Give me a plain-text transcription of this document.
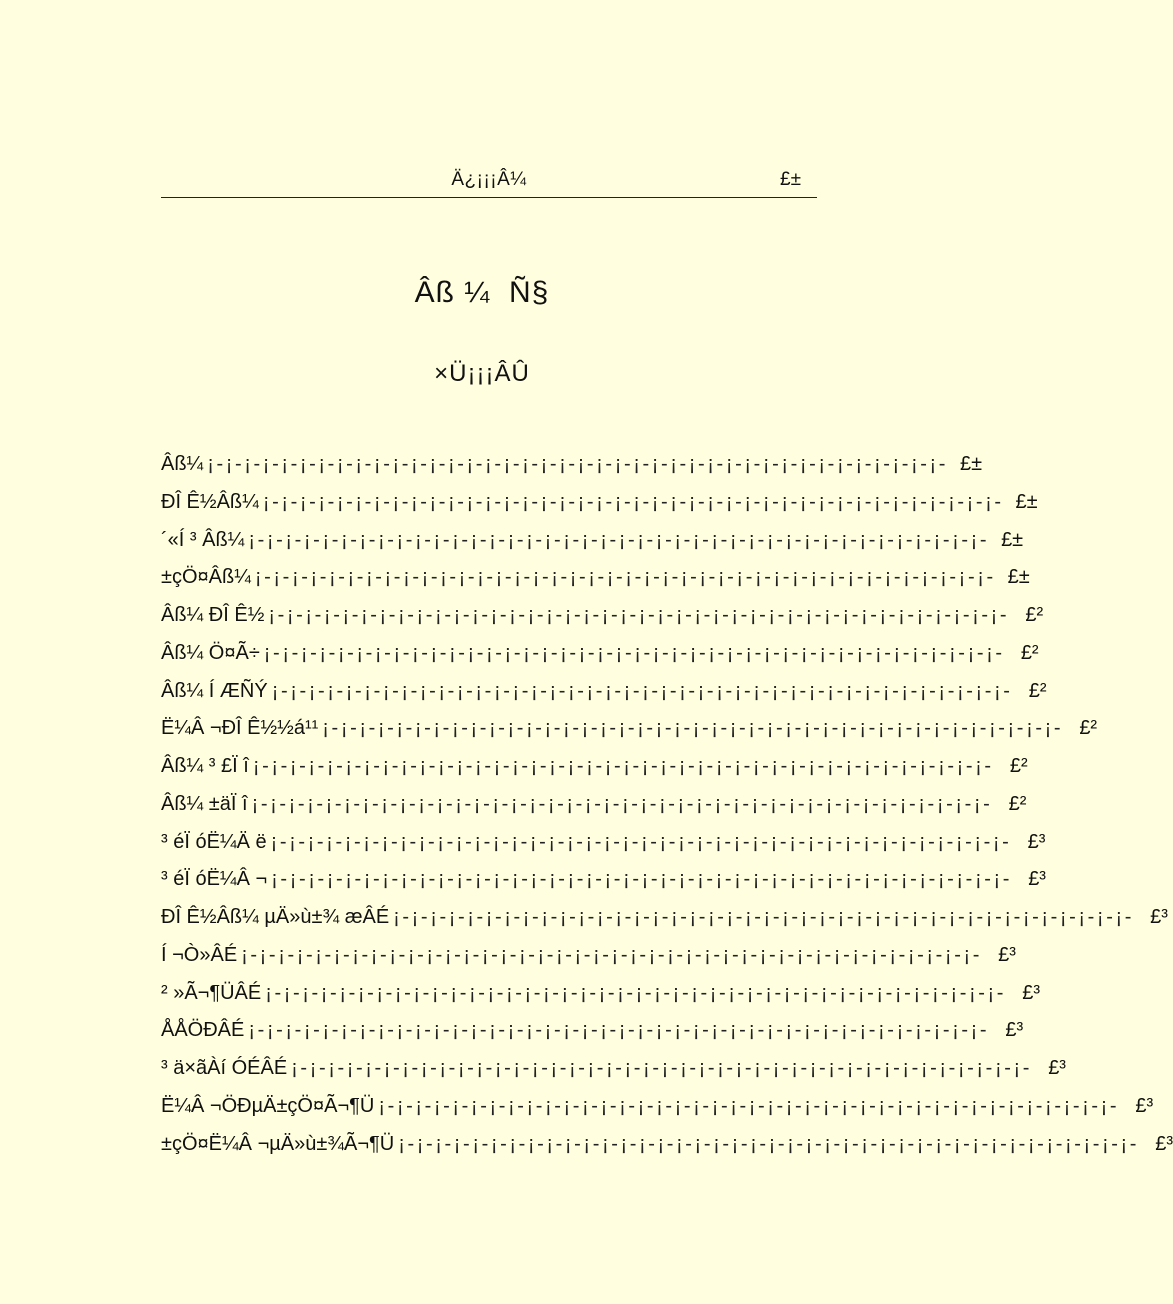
Ä¿¡¡¡Â¼	£±
Âß ¼  Ñ§
×Ü¡¡¡ÂÛ
Âß¼ ¡-¡-¡-¡-¡-¡-¡-¡-¡-¡-¡-¡-¡-¡-¡-¡-¡-¡-¡-¡-¡-¡-¡-¡-¡-¡-¡-¡-¡-¡-¡-¡-¡-¡-¡-¡-¡-¡-¡-¡- £±
ÐÎ Ê½Âß¼ ¡-¡-¡-¡-¡-¡-¡-¡-¡-¡-¡-¡-¡-¡-¡-¡-¡-¡-¡-¡-¡-¡-¡-¡-¡-¡-¡-¡-¡-¡-¡-¡-¡-¡-¡-¡-¡-¡-¡-¡- £±
´«Í ³ Âß¼ ¡-¡-¡-¡-¡-¡-¡-¡-¡-¡-¡-¡-¡-¡-¡-¡-¡-¡-¡-¡-¡-¡-¡-¡-¡-¡-¡-¡-¡-¡-¡-¡-¡-¡-¡-¡-¡-¡-¡-¡- £±
±çÖ¤Âß¼ ¡-¡-¡-¡-¡-¡-¡-¡-¡-¡-¡-¡-¡-¡-¡-¡-¡-¡-¡-¡-¡-¡-¡-¡-¡-¡-¡-¡-¡-¡-¡-¡-¡-¡-¡-¡-¡-¡-¡-¡- £±
Âß¼ ÐÎ Ê½ ¡-¡-¡-¡-¡-¡-¡-¡-¡-¡-¡-¡-¡-¡-¡-¡-¡-¡-¡-¡-¡-¡-¡-¡-¡-¡-¡-¡-¡-¡-¡-¡-¡-¡-¡-¡-¡-¡-¡-¡- £²
Âß¼ Ö¤Ã÷ ¡-¡-¡-¡-¡-¡-¡-¡-¡-¡-¡-¡-¡-¡-¡-¡-¡-¡-¡-¡-¡-¡-¡-¡-¡-¡-¡-¡-¡-¡-¡-¡-¡-¡-¡-¡-¡-¡-¡-¡- £²
Âß¼ Í ÆÑÝ ¡-¡-¡-¡-¡-¡-¡-¡-¡-¡-¡-¡-¡-¡-¡-¡-¡-¡-¡-¡-¡-¡-¡-¡-¡-¡-¡-¡-¡-¡-¡-¡-¡-¡-¡-¡-¡-¡-¡-¡- £²
Ë¼Â ¬ÐÎ Ê½½á¹¹ ¡-¡-¡-¡-¡-¡-¡-¡-¡-¡-¡-¡-¡-¡-¡-¡-¡-¡-¡-¡-¡-¡-¡-¡-¡-¡-¡-¡-¡-¡-¡-¡-¡-¡-¡-¡-¡-¡-¡-¡- £²
Âß¼ ³ £Ï î ¡-¡-¡-¡-¡-¡-¡-¡-¡-¡-¡-¡-¡-¡-¡-¡-¡-¡-¡-¡-¡-¡-¡-¡-¡-¡-¡-¡-¡-¡-¡-¡-¡-¡-¡-¡-¡-¡-¡-¡- £²
Âß¼ ±äÏ î ¡-¡-¡-¡-¡-¡-¡-¡-¡-¡-¡-¡-¡-¡-¡-¡-¡-¡-¡-¡-¡-¡-¡-¡-¡-¡-¡-¡-¡-¡-¡-¡-¡-¡-¡-¡-¡-¡-¡-¡- £²
³ éÏ óË¼Ä ë ¡-¡-¡-¡-¡-¡-¡-¡-¡-¡-¡-¡-¡-¡-¡-¡-¡-¡-¡-¡-¡-¡-¡-¡-¡-¡-¡-¡-¡-¡-¡-¡-¡-¡-¡-¡-¡-¡-¡-¡- £³
³ éÏ óË¼Â ¬ ¡-¡-¡-¡-¡-¡-¡-¡-¡-¡-¡-¡-¡-¡-¡-¡-¡-¡-¡-¡-¡-¡-¡-¡-¡-¡-¡-¡-¡-¡-¡-¡-¡-¡-¡-¡-¡-¡-¡-¡- £³
ÐÎ Ê½Âß¼ µÄ»ù±¾ æÂÉ ¡-¡-¡-¡-¡-¡-¡-¡-¡-¡-¡-¡-¡-¡-¡-¡-¡-¡-¡-¡-¡-¡-¡-¡-¡-¡-¡-¡-¡-¡-¡-¡-¡-¡-¡-¡-¡-¡-¡-¡- £³
Í ¬Ò»ÂÉ ¡-¡-¡-¡-¡-¡-¡-¡-¡-¡-¡-¡-¡-¡-¡-¡-¡-¡-¡-¡-¡-¡-¡-¡-¡-¡-¡-¡-¡-¡-¡-¡-¡-¡-¡-¡-¡-¡-¡-¡- £³
² »Ã¬¶ÜÂÉ ¡-¡-¡-¡-¡-¡-¡-¡-¡-¡-¡-¡-¡-¡-¡-¡-¡-¡-¡-¡-¡-¡-¡-¡-¡-¡-¡-¡-¡-¡-¡-¡-¡-¡-¡-¡-¡-¡-¡-¡- £³
ÅÅÖÐÂÉ ¡-¡-¡-¡-¡-¡-¡-¡-¡-¡-¡-¡-¡-¡-¡-¡-¡-¡-¡-¡-¡-¡-¡-¡-¡-¡-¡-¡-¡-¡-¡-¡-¡-¡-¡-¡-¡-¡-¡-¡- £³
³ ä×ãÀí ÓÉÂÉ ¡-¡-¡-¡-¡-¡-¡-¡-¡-¡-¡-¡-¡-¡-¡-¡-¡-¡-¡-¡-¡-¡-¡-¡-¡-¡-¡-¡-¡-¡-¡-¡-¡-¡-¡-¡-¡-¡-¡-¡- £³
Ë¼Â ¬ÖÐµÄ±çÖ¤Ã¬¶Ü ¡-¡-¡-¡-¡-¡-¡-¡-¡-¡-¡-¡-¡-¡-¡-¡-¡-¡-¡-¡-¡-¡-¡-¡-¡-¡-¡-¡-¡-¡-¡-¡-¡-¡-¡-¡-¡-¡-¡-¡- £³
±çÖ¤Ë¼Â ¬µÄ»ù±¾Ã¬¶Ü ¡-¡-¡-¡-¡-¡-¡-¡-¡-¡-¡-¡-¡-¡-¡-¡-¡-¡-¡-¡-¡-¡-¡-¡-¡-¡-¡-¡-¡-¡-¡-¡-¡-¡-¡-¡-¡-¡-¡-¡- £³
